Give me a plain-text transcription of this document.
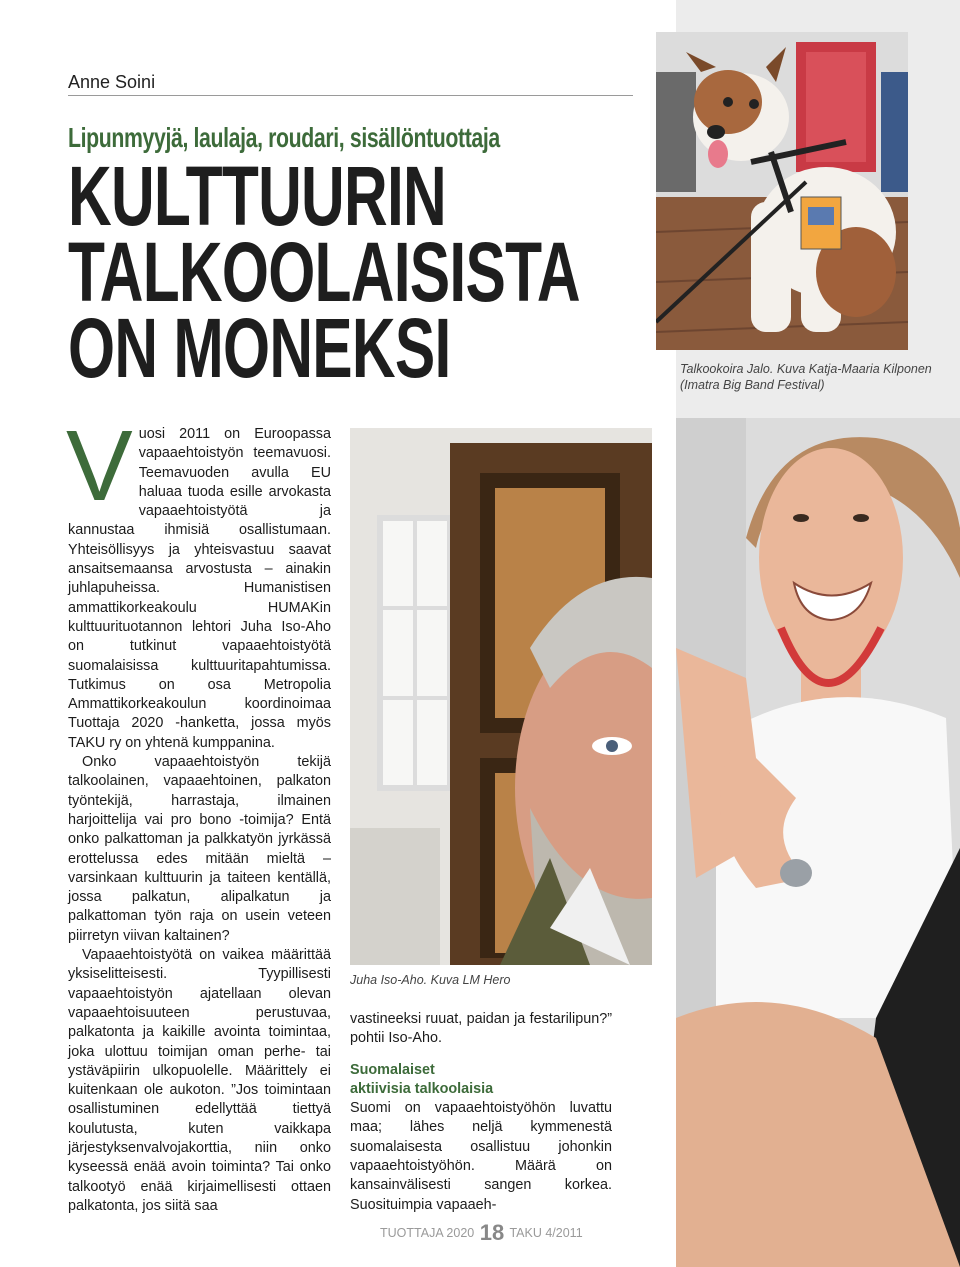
Anne Soini
Lipunmyyjä, laulaja, roudari, sisällöntuottaja
KULTTUURIN
TALKOOLAISISTA
ON MONEKSI	Talkookoira Jalo. Kuva Katja-Maaria Kilponen
(Imatra Big Band Festival)

Vuosi 2011 on Euroopassa vapaaehtoistyön teemavuosi. Teemavuoden avulla EU haluaa tuoda esille arvokasta vapaaehtoistyötä ja kannustaa ihmisiä osallistumaan. Yhteisöllisyys ja yhteisvastuu saavat ansaitsemaansa arvostusta – ainakin juhlapuheissa. Humanistisen ammattikorkeakoulu HUMAKin kulttuurituotannon lehtori Juha Iso-Aho on tutkinut vapaaehtoistyötä suomalaisissa kulttuuritapahtumissa. Tutkimus on osa Metropolia Ammattikorkeakoulun koordinoimaa Tuottaja 2020 -hanketta, jossa myös TAKU ry on yhtenä kumppanina.

Onko vapaaehtoistyön tekijä talkoolainen, vapaaehtoinen, palkaton työntekijä, harrastaja, ilmainen harjoittelija vai pro bono -toimija? Entä onko palkattoman ja palkkatyön jyrkässä erottelussa edes mitään mieltä – varsinkaan kulttuurin ja taiteen kentällä, jossa palkatun, alipalkatun ja palkattoman työn raja on usein veteen piirretyn viivan kaltainen?

Vapaaehtoistyötä on vaikea määrittää yksiselitteisesti. Tyypillisesti vapaaehtoistyön ajatellaan olevan vapaaehtoisuuteen perustuvaa, palkatonta ja kaikille avointa toimintaa, joka ulottuu toimijan oman perhe- tai ystäväpiirin ulkopuolelle. Määrittely ei kuitenkaan ole aukoton. ”Jos toimintaan osallistuminen edellyttää tiettyä koulutusta, kuten vaikkapa järjestyksenvalvojakorttia, niin onko kyseessä enää avoin toiminta? Tai onko talkootyö enää kirjaimellisesti ottaen palkatonta, jos siitä saa

Juha Iso-Aho. Kuva LM Hero

vastineeksi ruuat, paidan ja festarilipun?” pohtii Iso-Aho.

Suomalaiset
aktiivisia talkoolaisia

Suomi on vapaaehtoistyöhön luvattu maa; lähes neljä kymmenestä suomalaisesta osallistuu johonkin vapaaehtoistyöhön. Määrä on kansainvälisesti sangen korkea. Suosituimpia vapaaeh-

TUOTTAJA 2020 18 TAKU 4/2011
